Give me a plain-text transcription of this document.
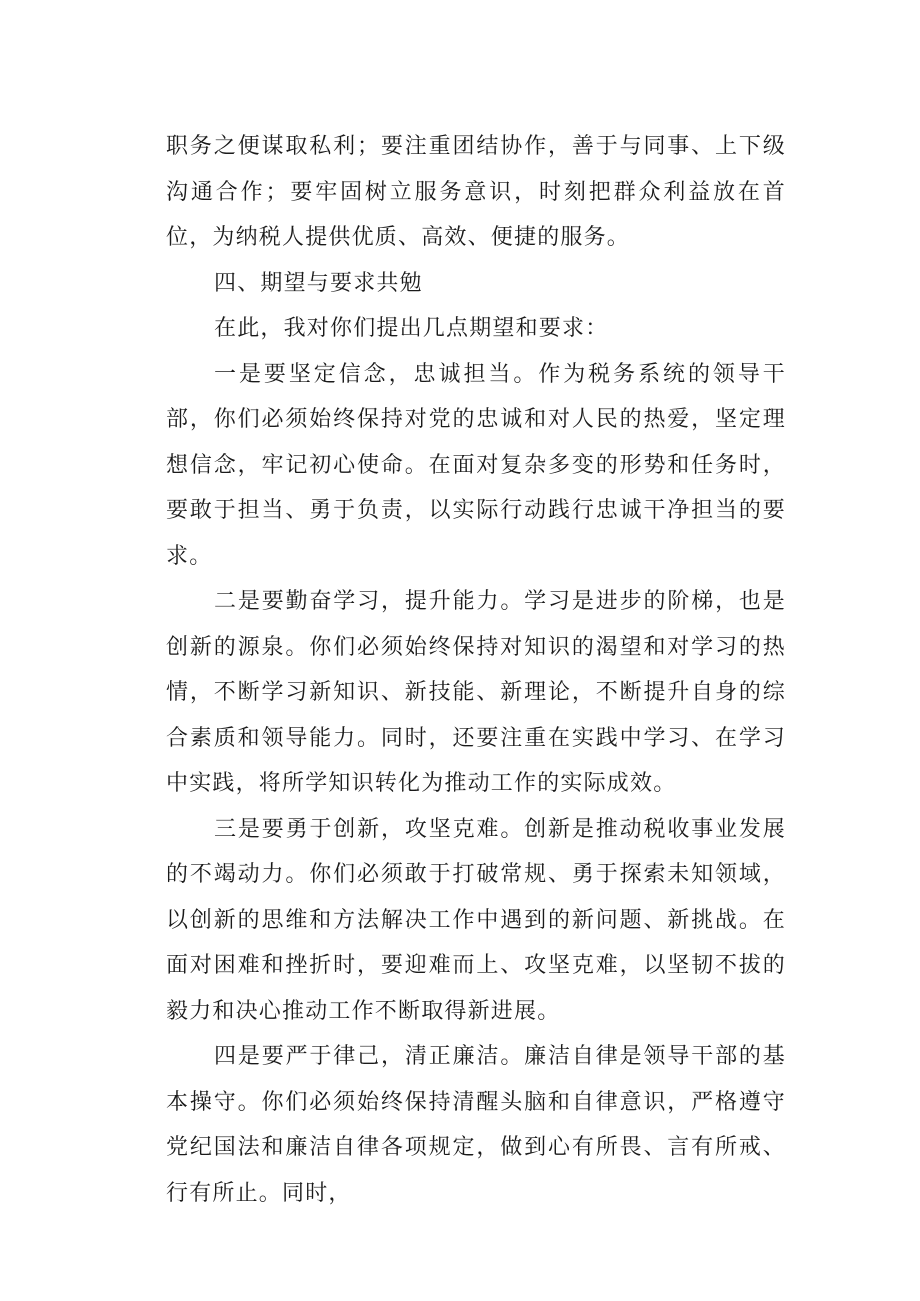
职务之便谋取私利；要注重团结协作，善于与同事、上下级沟通合作；要牢固树立服务意识，时刻把群众利益放在首位，为纳税人提供优质、高效、便捷的服务。

四、期望与要求共勉

在此，我对你们提出几点期望和要求：

一是要坚定信念，忠诚担当。作为税务系统的领导干部，你们必须始终保持对党的忠诚和对人民的热爱，坚定理想信念，牢记初心使命。在面对复杂多变的形势和任务时，要敢于担当、勇于负责，以实际行动践行忠诚干净担当的要求。

二是要勤奋学习，提升能力。学习是进步的阶梯，也是创新的源泉。你们必须始终保持对知识的渴望和对学习的热情，不断学习新知识、新技能、新理论，不断提升自身的综合素质和领导能力。同时，还要注重在实践中学习、在学习中实践，将所学知识转化为推动工作的实际成效。

三是要勇于创新，攻坚克难。创新是推动税收事业发展的不竭动力。你们必须敢于打破常规、勇于探索未知领域，以创新的思维和方法解决工作中遇到的新问题、新挑战。在面对困难和挫折时，要迎难而上、攻坚克难，以坚韧不拔的毅力和决心推动工作不断取得新进展。

四是要严于律己，清正廉洁。廉洁自律是领导干部的基本操守。你们必须始终保持清醒头脑和自律意识，严格遵守党纪国法和廉洁自律各项规定，做到心有所畏、言有所戒、行有所止。同时，
